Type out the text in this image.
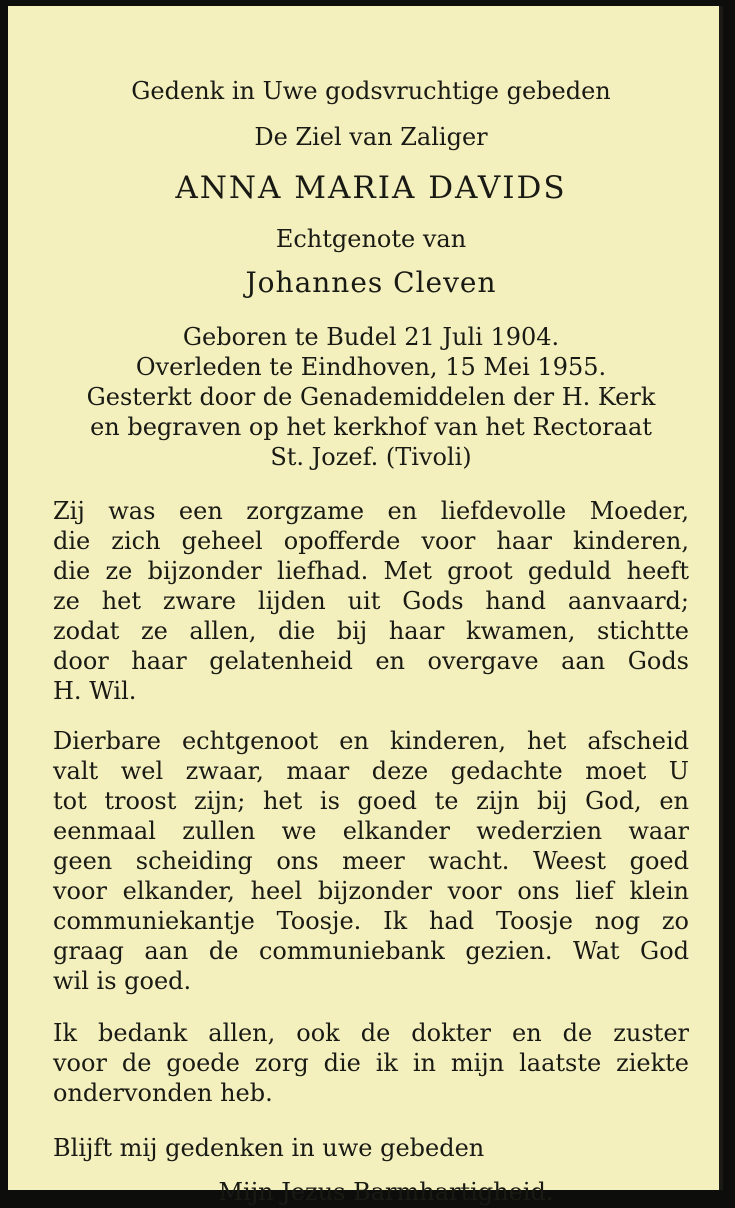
Gedenk in Uwe godsvruchtige gebeden
De Ziel van Zaliger
ANNA MARIA DAVIDS
Echtgenote van
Johannes Cleven
Geboren te Budel 21 Juli 1904.
Overleden te Eindhoven, 15 Mei 1955.
Gesterkt door de Genademiddelen der H. Kerk
en begraven op het kerkhof van het Rectoraat
St. Jozef. (Tivoli)
Zij was een zorgzame en liefdevolle Moeder,
die zich geheel opofferde voor haar kinderen,
die ze bijzonder liefhad. Met groot geduld heeft
ze het zware lijden uit Gods hand aanvaard;
zodat ze allen, die bij haar kwamen, stichtte
door haar gelatenheid en overgave aan Gods
H. Wil.
Dierbare echtgenoot en kinderen, het afscheid
valt wel zwaar, maar deze gedachte moet U
tot troost zijn; het is goed te zijn bij God, en
eenmaal zullen we elkander wederzien waar
geen scheiding ons meer wacht. Weest goed
voor elkander, heel bijzonder voor ons lief klein
communiekantje Toosje. Ik had Toosje nog zo
graag aan de communiebank gezien. Wat God
wil is goed.
Ik bedank allen, ook de dokter en de zuster
voor de goede zorg die ik in mijn laatste ziekte
ondervonden heb.
Blijft mij gedenken in uwe gebeden
Mijn Jezus Barmhartigheid.
